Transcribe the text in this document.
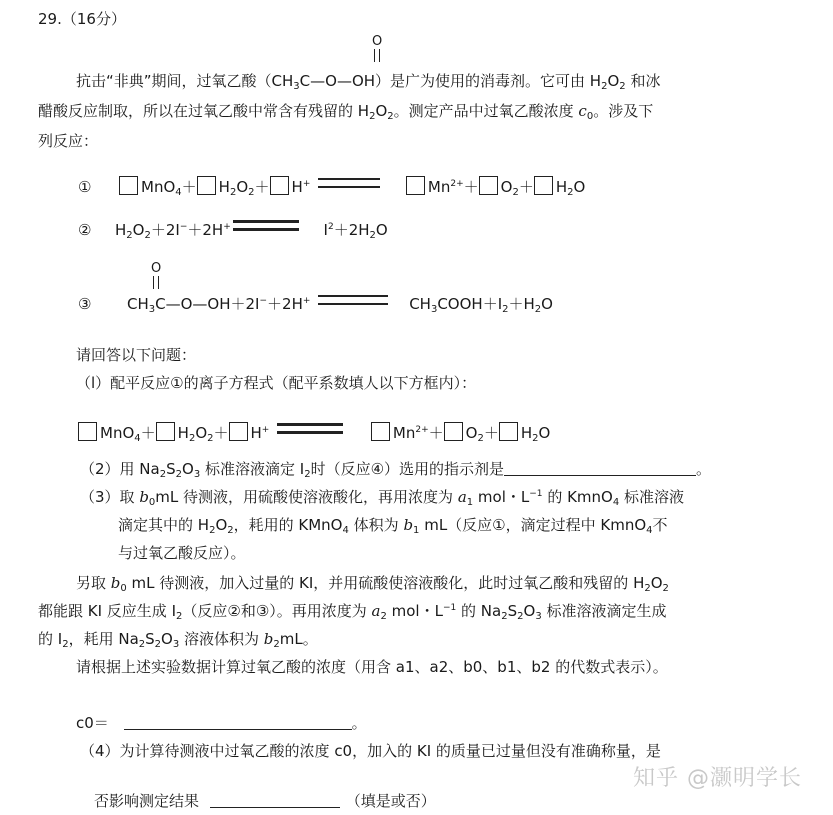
29.（16分）
O
抗击“非典”期间，过氧乙酸$(CH_3C—O—OH)$是广为使用的消毒剂。它可由 $H_2O_2$ 和冰
醋酸反应制取，所以在过氧乙酸中常含有残留的 $H_2O_2$。测定产品中过氧乙酸浓度 $c_0$。涉及下
列反应：
①	$MnO_4+ H_2O_2+ H^+$	$Mn^{2+}+ O_2+ H_2O$
②  $H_2O_2+2I^-+2H^+$	$I^2+2H_2O$
O
③  $CH_3C—O—OH+2I^-+2H^+$	$CH_3COOH+I_2+H_2O$
请回答以下问题：
（l）配平反应①的离子方程式（配平系数填人以下方框内）：
$MnO_4+ H_2O_2+ H^+$	$Mn^{2+}+ O_2+ H_2O$
（2）用 $Na_2S_2O_3$ 标准溶液滴定 $I_2$时（反应④）选用的指示剂是	。
（3）取 $b_0mL$ 待测液，用硫酸使溶液酸化，再用浓度为 $a_1$ mol・$L^{-1}$ 的 KmnO$_4$ 标准溶液
滴定其中的 $H_2O_2$，耗用的 KMnO$_4$ 体积为 $b_1$ mL（反应①，滴定过程中 KmnO$_4$不
与过氧乙酸反应）。
另取 $b_0$ mL 待测液，加入过量的 KI，并用硫酸使溶液酸化，此时过氧乙酸和残留的 $H_2O_2$
都能跟 KI 反应生成 $I_2$（反应②和③）。再用浓度为 $a_2$ mol・$L^{-1}$ 的 $Na_2S_2O_3$ 标准溶液滴定生成
的 $I_2$，耗用 $Na_2S_2O_3$ 溶液体积为 $b_2mL$。
请根据上述实验数据计算过氧乙酸的浓度（用含 a1、a2、b0、b1、b2 的代数式表示）。
c0＝	。
（4）为计算待测液中过氧乙酸的浓度 c0，加入的 KI 的质量已过量但没有准确称量，是
否影响测定结果	（填是或否）
知乎 @灏明学长
